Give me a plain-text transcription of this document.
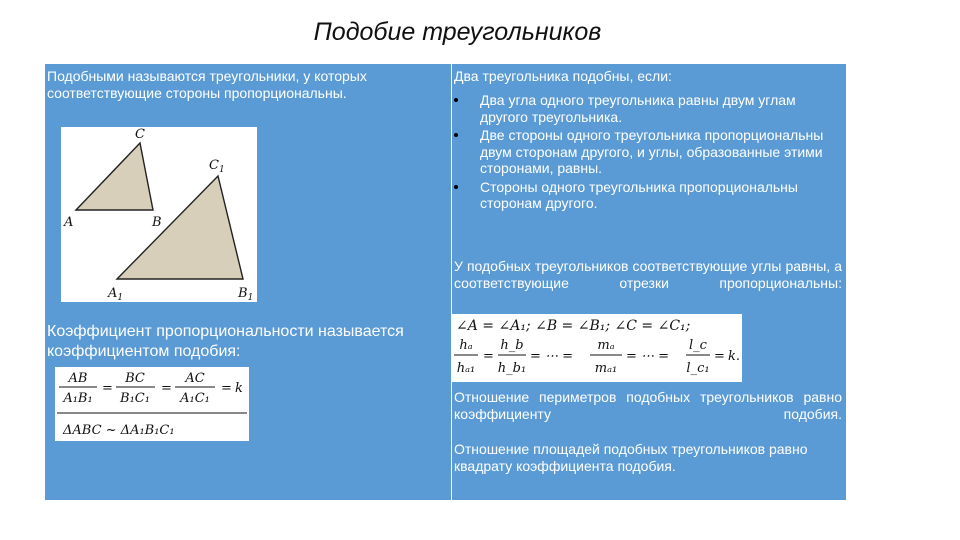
Подобие треугольников
Подобными называются треугольники, у которых соответствующие стороны пропорциональны.
A	B
C
$C_1$
$A_1$	$B_1$
Коэффициент пропорциональности называется коэффициентом подобия:
AB
A₁B₁
=
BC
B₁C₁
=
AC
A₁C₁
= k
ΔABC ~ ΔA₁B₁C₁
Два треугольника подобны, если:
Два угла одного треугольника равны двум углам другого треугольника.
Две стороны одного треугольника пропорциональны двум сторонам другого, и углы, образованные этими сторонами, равны.
Стороны одного треугольника пропорциональны сторонам другого.
У подобных треугольников соответствующие углы равны, а соответствующие отрезки пропорциональны:
∠A = ∠A₁; ∠B = ∠B₁; ∠C = ∠C₁;
hₐ
hₐ₁
=
h_b
h_b₁
= ⋯ =
mₐ
mₐ₁
= ⋯ =
l_c
l_c₁
= k.
Отношение периметров подобных треугольников равно коэффициенту подобия.
Отношение площадей подобных треугольников равно квадрату коэффициента подобия.
